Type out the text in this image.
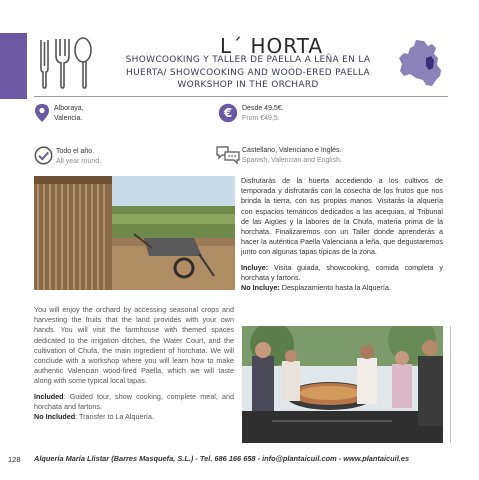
L´ HORTA
SHOWCOOKING Y TALLER DE PAELLA A LEÑA EN LA
HUERTA/ SHOWCOOKING AND WOOD-ERED PAELLA
WORKSHOP IN THE ORCHARD
Alboraya,
Valencia.	€ Desde 49,5€.
From €49,5.
Todo el año.
All year round.
Castellano, Valenciano e Inglés.
Spanish, Valencian and English.

Disfrutarás de la huerta accediendo a los cultivos de temporada y disfrutarás con la cosecha de los frutos que nos brinda la tierra, con tus propias manos. Visitarás la alquería con espacios temáticos dedicados a las acequias, al Tribunal de las Aigües y la labores de la Chufa, materia prima de la horchata. Finalizaremos con un Taller donde aprenderás a hacer la auténtica Paella Valenciana a leña, que degustaremos junto con algunas tapas típicas de la zona.

Incluye: Visita guiada, showcooking, comida completa y horchata y fartons.
No Incluye: Desplazamiento hasta la Alquería.

You will enjoy the orchard by accessing seasonal crops and harvesting the fruits that the land provides with your own hands. You will visit the farmhouse with themed spaces dedicated to the irrigation ditches, the Water Court, and the cultivation of Chufa, the main ingredient of horchata. We will conclude with a workshop where you will learn how to make authentic Valencian wood-fired Paella, which we will taste along with some typical local tapas.

Included: Guided tour, show cooking, complete meal, and horchata and fartons.
No Included: Transfer to La Alquería.

128 Alquería María Llistar (Barres Masquefa, S.L.) - Tel. 686 166 658 - info@plantaicuil.com - www.plantaicuil.es
